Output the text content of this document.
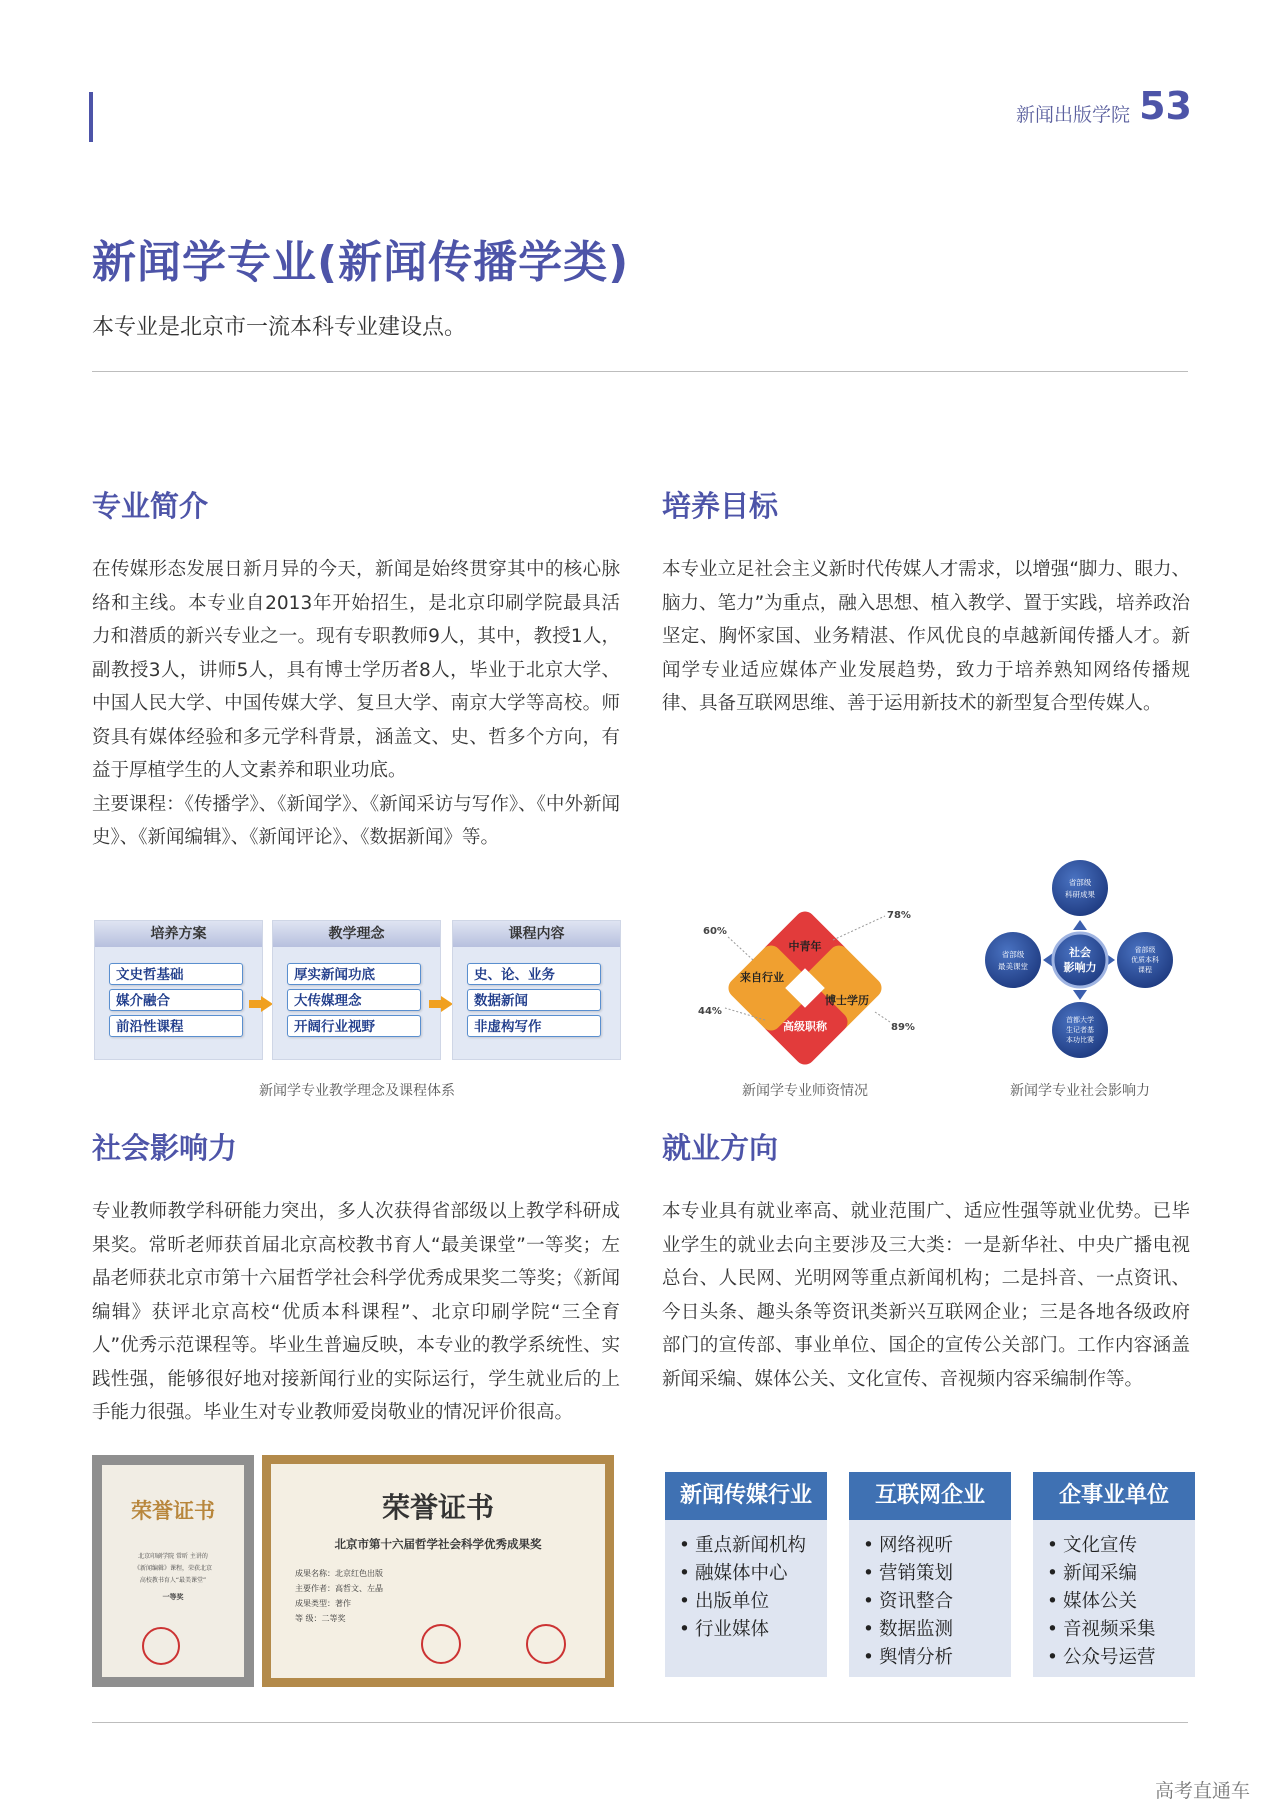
新闻出版学院 53
新闻学专业(新闻传播学类)
本专业是北京市一流本科专业建设点。
专业简介

在传媒形态发展日新月异的今天，新闻是始终贯穿其中的核心脉络和主线。本专业自2013年开始招生，是北京印刷学院最具活力和潜质的新兴专业之一。现有专职教师9人，其中，教授1人，副教授3人，讲师5人，具有博士学历者8人，毕业于北京大学、中国人民大学、中国传媒大学、复旦大学、南京大学等高校。师资具有媒体经验和多元学科背景，涵盖文、史、哲多个方向，有益于厚植学生的人文素养和职业功底。

主要课程：《传播学》、《新闻学》、《新闻采访与写作》、《中外新闻史》、《新闻编辑》、《新闻评论》、《数据新闻》等。

培养目标

本专业立足社会主义新时代传媒人才需求，以增强“脚力、眼力、脑力、笔力”为重点，融入思想、植入教学、置于实践，培养政治坚定、胸怀家国、业务精湛、作风优良的卓越新闻传播人才。新闻学专业适应媒体产业发展趋势，致力于培养熟知网络传播规律、具备互联网思维、善于运用新技术的新型复合型传媒人。

培养方案
文史哲基础
媒介融合
前沿性课程
教学理念
厚实新闻功底
大传媒理念
开阔行业视野
课程内容
史、论、业务
数据新闻
非虚构写作
新闻学专业教学理念及课程体系
中青年
博士学历
高级职称
来自行业
78%
89%
44%
60%
新闻学专业师资情况
社会
影响力
省部级
科研成果
省部级
优质本科
课程
首都大学
生记者基
本功比赛
省部级
最美课堂
新闻学专业社会影响力
社会影响力

专业教师教学科研能力突出，多人次获得省部级以上教学科研成果奖。常昕老师获首届北京高校教书育人“最美课堂”一等奖；左晶老师获北京市第十六届哲学社会科学优秀成果奖二等奖；《新闻编辑》获评北京高校“优质本科课程”、北京印刷学院“三全育人”优秀示范课程等。毕业生普遍反映，本专业的教学系统性、实践性强，能够很好地对接新闻行业的实际运行，学生就业后的上手能力很强。毕业生对专业教师爱岗敬业的情况评价很高。

就业方向

本专业具有就业率高、就业范围广、适应性强等就业优势。已毕业学生的就业去向主要涉及三大类：一是新华社、中央广播电视总台、人民网、光明网等重点新闻机构；二是抖音、一点资讯、今日头条、趣头条等资讯类新兴互联网企业；三是各地各级政府部门的宣传部、事业单位、国企的宣传公关部门。工作内容涵盖新闻采编、媒体公关、文化宣传、音视频内容采编制作等。

荣誉证书
北京印刷学院 常昕 主讲的
《新闻编辑》课程，荣获北京
高校教书育人“最美课堂”
一等奖
荣誉证书
北京市第十六届哲学社会科学优秀成果奖
成果名称：北京红色出版
主要作者：高哲文、左晶
成果类型：著作
等 级：二等奖
新闻传媒行业
• 重点新闻机构
• 融媒体中心
• 出版单位
• 行业媒体
互联网企业
• 网络视听
• 营销策划
• 资讯整合
• 数据监测
• 舆情分析
企事业单位
• 文化宣传
• 新闻采编
• 媒体公关
• 音视频采集
• 公众号运营
高考直通车
